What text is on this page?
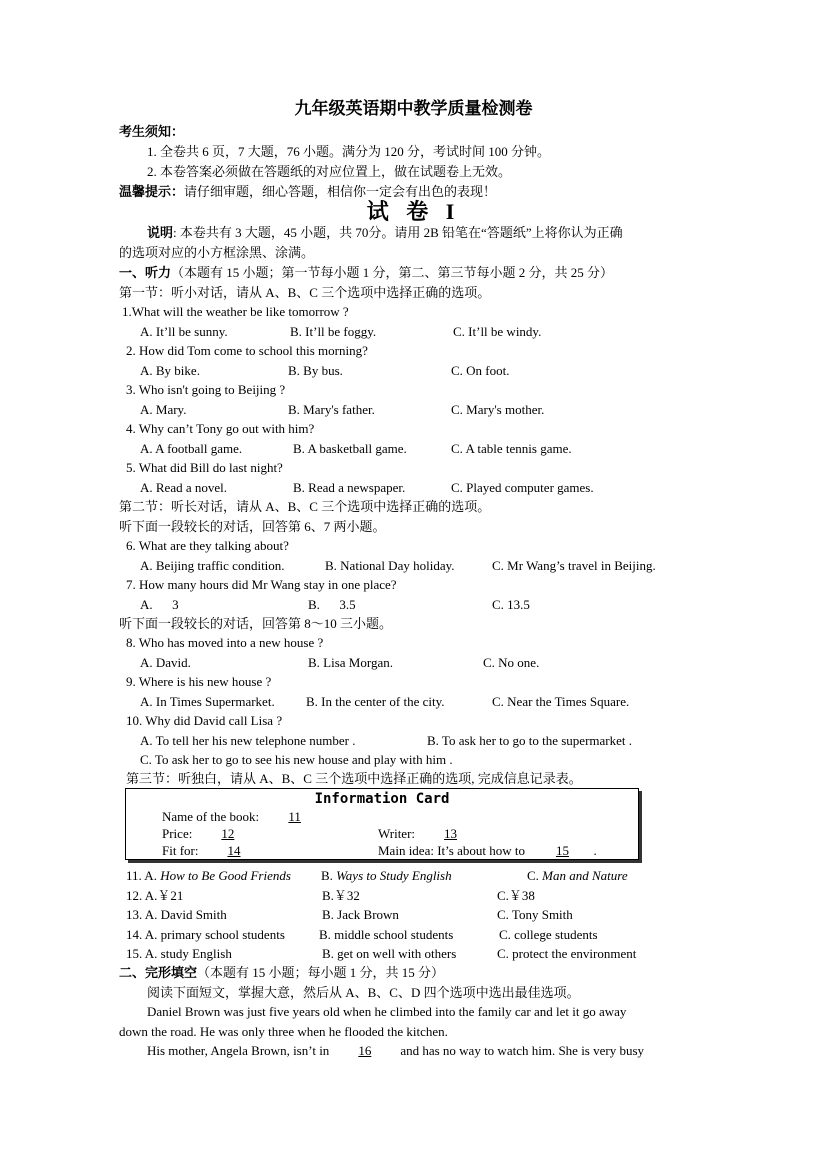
九年级英语期中教学质量检测卷
考生须知：
1. 全卷共 6 页，7 大题，76 小题。满分为 120 分，考试时间 100 分钟。
2. 本卷答案必须做在答题纸的对应位置上，做在试题卷上无效。
温馨提示：请仔细审题，细心答题，相信你一定会有出色的表现！
试 卷 I
说明: 本卷共有 3 大题，45 小题，共 70分。请用 2B 铅笔在“答题纸”上将你认为正确
的选项对应的小方框涂黑、涂满。
一、听力（本题有 15 小题；第一节每小题 1 分，第二、第三节每小题 2 分，共 25 分）
第一节：听小对话，请从 A、B、C 三个选项中选择正确的选项。
1.What will the weather be like tomorrow ?
A. It’ll be sunny.	B. It’ll be foggy.	C. It’ll be windy.
2. How did Tom come to school this morning?
A. By bike.	B. By bus.	C. On foot.
3. Who isn't going to Beijing ?
A. Mary.	B. Mary's father.	C. Mary's mother.
4. Why can’t Tony go out with him?
A. A football game.	B. A basketball game.	C. A table tennis game.
5. What did Bill do last night?
A. Read a novel.	B. Read a newspaper.	C. Played computer games.
第二节：听长对话，请从 A、B、C 三个选项中选择正确的选项。
听下面一段较长的对话，回答第 6、7 两小题。
6. What are they talking about?
A. Beijing traffic condition.	B. National Day holiday.	C. Mr Wang’s travel in Beijing.
7. How many hours did Mr Wang stay in one place?
A.      3	B.      3.5	C. 13.5
听下面一段较长的对话，回答第 8～10 三小题。
8. Who has moved into a new house ?
A. David.	B. Lisa Morgan.	C. No one.
9. Where is his new house ?
A. In Times Supermarket. B. In the center of the city.	C. Near the Times Square.
10. Why did David call Lisa ?
A. To tell her his new telephone number .	B. To ask her to go to the supermarket .
C. To ask her to go to see his new house and play with him .
第三节：听独白，请从 A、B、C 三个选项中选择正确的选项, 完成信息记录表。
Information Card
Name of the book: 11
Price: 12	Writer: 13
Fit for: 14	Main idea: It’s about how to 15 .
11. A. How to Be Good Friends B. Ways to Study English	C. Man and Nature
12. A.￥21	B.￥32	C.￥38
13. A. David Smith	B. Jack Brown	C. Tony Smith
14. A. primary school students	B. middle school students	C. college students
15. A. study English	B. get on well with others	C. protect the environment
二、完形填空（本题有 15 小题；每小题 1 分，共 15 分）
阅读下面短文，掌握大意，然后从 A、B、C、D 四个选项中选出最佳选项。
Daniel Brown was just five years old when he climbed into the family car and let it go away
down the road. He was only three when he flooded the kitchen.
His mother, Angela Brown, isn’t in 16 and has no way to watch him. She is very busy
